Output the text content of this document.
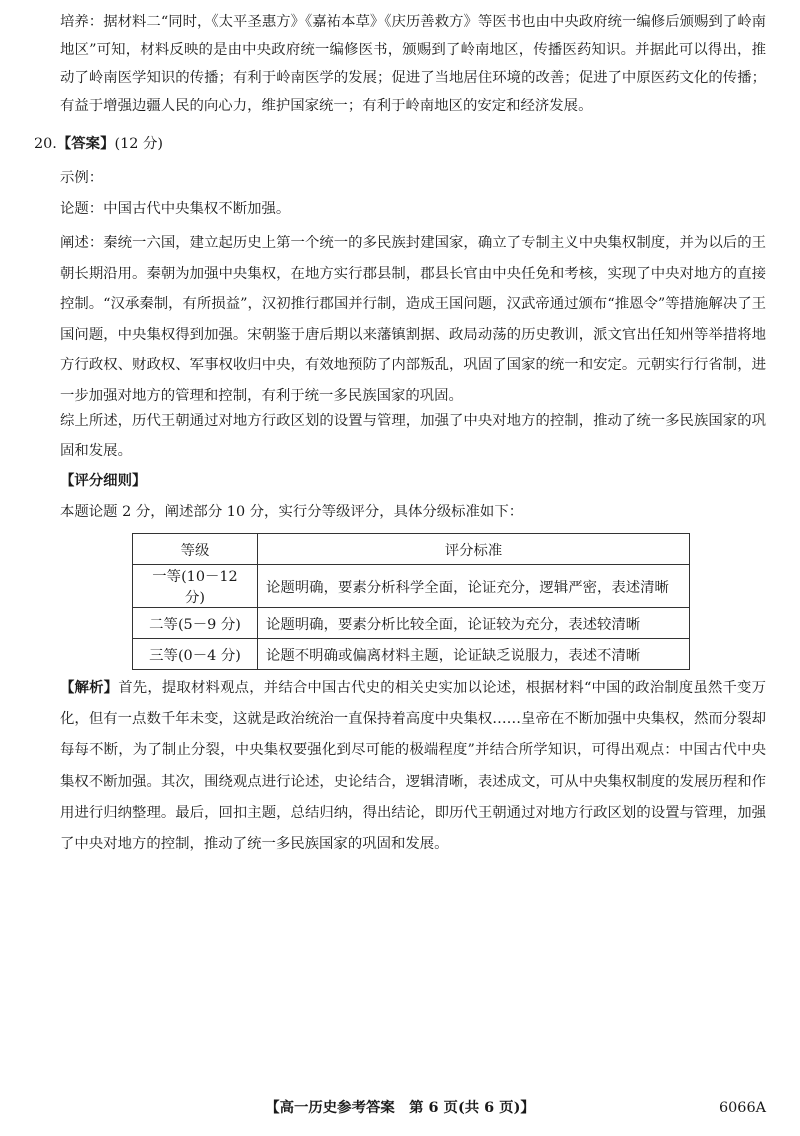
培养：据材料二“同时，《太平圣惠方》《嘉祐本草》《庆历善救方》等医书也由中央政府统一编修后颁赐到了岭南地区”可知，材料反映的是由中央政府统一编修医书，颁赐到了岭南地区，传播医药知识。并据此可以得出，推动了岭南医学知识的传播；有利于岭南医学的发展；促进了当地居住环境的改善；促进了中原医药文化的传播；有益于增强边疆人民的向心力，维护国家统一；有利于岭南地区的安定和经济发展。
20.【答案】(12 分)
示例：
论题：中国古代中央集权不断加强。
阐述：秦统一六国，建立起历史上第一个统一的多民族封建国家，确立了专制主义中央集权制度，并为以后的王朝长期沿用。秦朝为加强中央集权，在地方实行郡县制，郡县长官由中央任免和考核，实现了中央对地方的直接控制。“汉承秦制，有所损益”，汉初推行郡国并行制，造成王国问题，汉武帝通过颁布“推恩令”等措施解决了王国问题，中央集权得到加强。宋朝鉴于唐后期以来藩镇割据、政局动荡的历史教训，派文官出任知州等举措将地方行政权、财政权、军事权收归中央，有效地预防了内部叛乱，巩固了国家的统一和安定。元朝实行行省制，进一步加强对地方的管理和控制，有利于统一多民族国家的巩固。
综上所述，历代王朝通过对地方行政区划的设置与管理，加强了中央对地方的控制，推动了统一多民族国家的巩固和发展。
【评分细则】
本题论题 2 分，阐述部分 10 分，实行分等级评分，具体分级标准如下：
等级	评分标准
一等(10－12 分)	论题明确，要素分析科学全面，论证充分，逻辑严密，表述清晰
二等(5－9 分)	论题明确，要素分析比较全面，论证较为充分，表述较清晰
三等(0－4 分)	论题不明确或偏离材料主题，论证缺乏说服力，表述不清晰
【解析】首先，提取材料观点，并结合中国古代史的相关史实加以论述，根据材料“中国的政治制度虽然千变万化，但有一点数千年未变，这就是政治统治一直保持着高度中央集权……皇帝在不断加强中央集权，然而分裂却每每不断，为了制止分裂，中央集权要强化到尽可能的极端程度”并结合所学知识，可得出观点：中国古代中央集权不断加强。其次，围绕观点进行论述，史论结合，逻辑清晰，表述成文，可从中央集权制度的发展历程和作用进行归纳整理。最后，回扣主题，总结归纳，得出结论，即历代王朝通过对地方行政区划的设置与管理，加强了中央对地方的控制，推动了统一多民族国家的巩固和发展。
【高一历史参考答案　第 6 页(共 6 页)】	6066A
